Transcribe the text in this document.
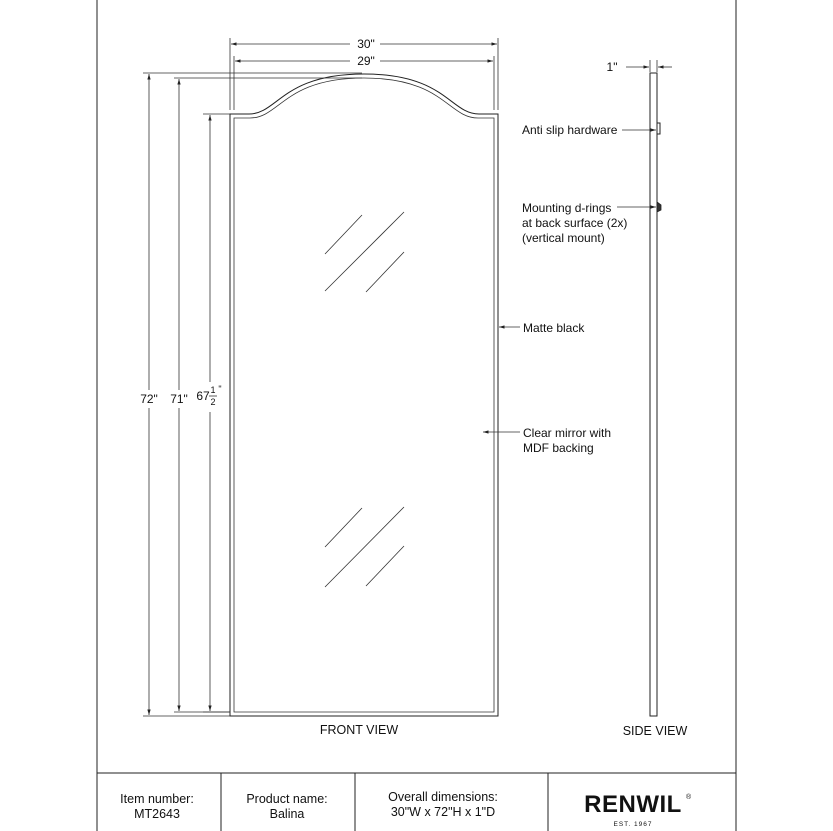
30"
29"
72" 71" 67 1
2
"
1"
Anti slip hardware
Mounting d-rings
at back surface (2x)
(vertical mount)
Matte black
Clear mirror with
MDF backing
FRONT VIEW	SIDE VIEW
Item number:
MT2643
Product name:
Balina
Overall dimensions:
30"W x 72"H x 1"D	RENWIL ®
EST. 1967
